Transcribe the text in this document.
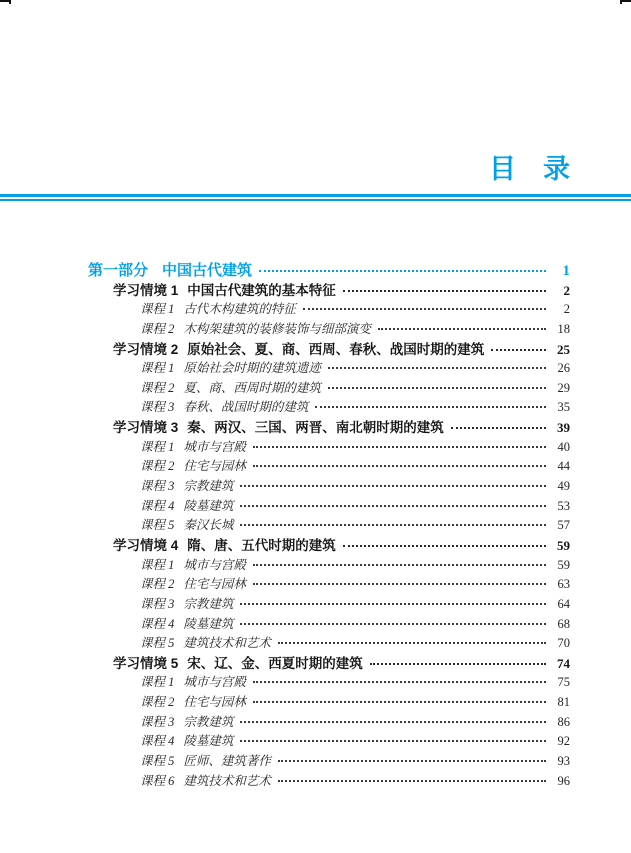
目　录
第一部分 中国古代建筑	1
学习情境 1 中国古代建筑的基本特征	2
课程 1 古代木构建筑的特征	2
课程 2 木构架建筑的装修装饰与细部演变	18
学习情境 2 原始社会、夏、商、西周、春秋、战国时期的建筑	25
课程 1 原始社会时期的建筑遗迹	26
课程 2 夏、商、西周时期的建筑	29
课程 3 春秋、战国时期的建筑	35
学习情境 3 秦、两汉、三国、两晋、南北朝时期的建筑	39
课程 1 城市与宫殿	40
课程 2 住宅与园林	44
课程 3 宗教建筑	49
课程 4 陵墓建筑	53
课程 5 秦汉长城	57
学习情境 4 隋、唐、五代时期的建筑	59
课程 1 城市与宫殿	59
课程 2 住宅与园林	63
课程 3 宗教建筑	64
课程 4 陵墓建筑	68
课程 5 建筑技术和艺术	70
学习情境 5 宋、辽、金、西夏时期的建筑	74
课程 1 城市与宫殿	75
课程 2 住宅与园林	81
课程 3 宗教建筑	86
课程 4 陵墓建筑	92
课程 5 匠师、建筑著作	93
课程 6 建筑技术和艺术	96
